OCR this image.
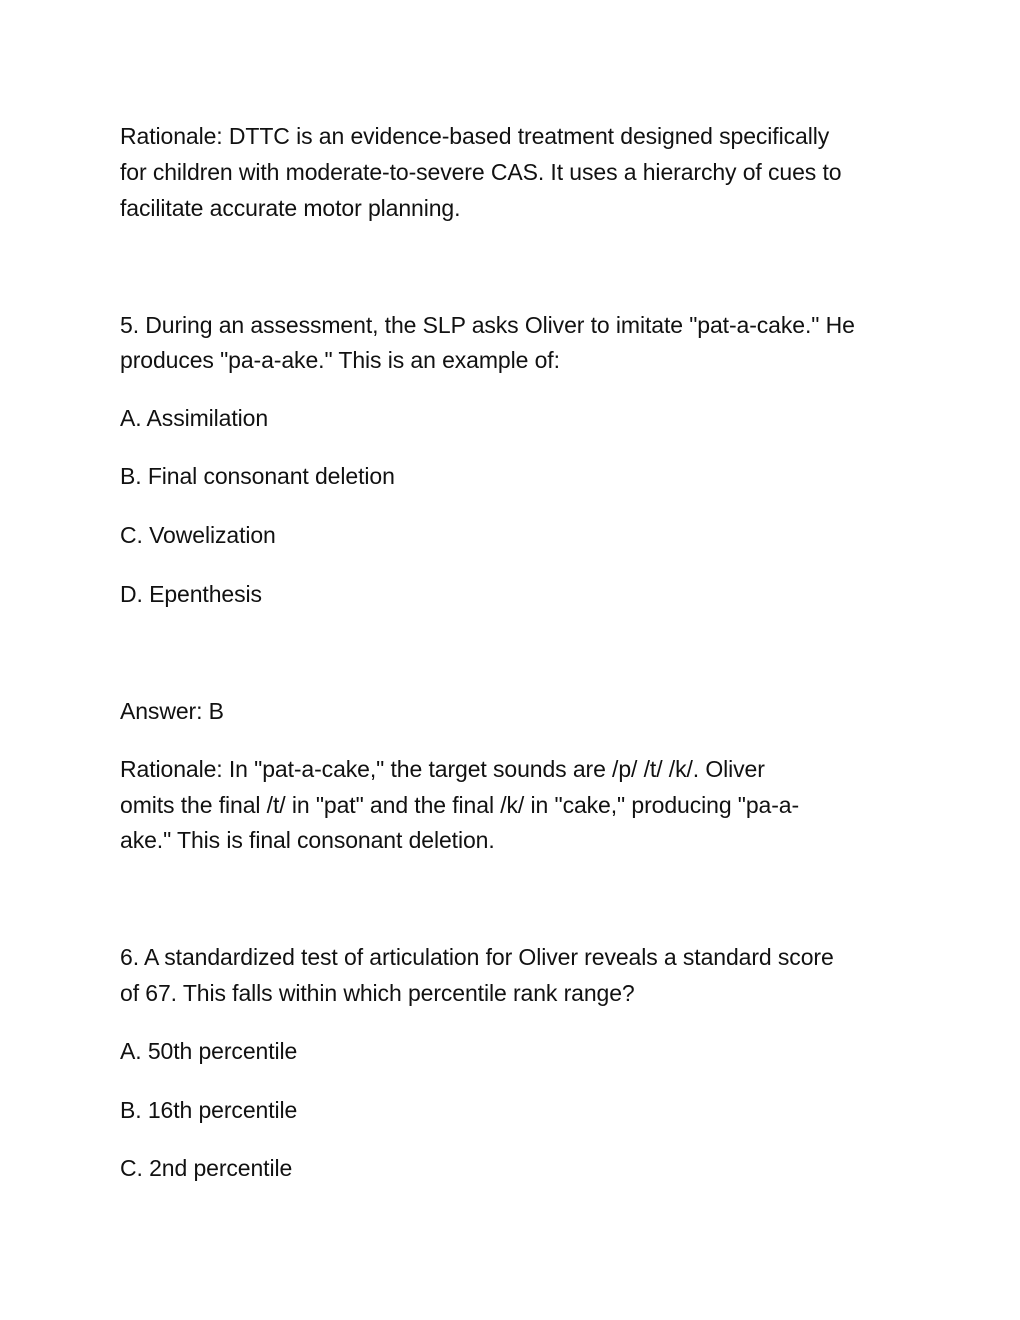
Rationale: DTTC is an evidence-based treatment designed specifically

for children with moderate-to-severe CAS. It uses a hierarchy of cues to

facilitate accurate motor planning.

5. During an assessment, the SLP asks Oliver to imitate "pat-a-cake." He

produces "pa-a-ake." This is an example of:

A. Assimilation

B. Final consonant deletion

C. Vowelization

D. Epenthesis

Answer: B

Rationale: In "pat-a-cake," the target sounds are /p/ /t/ /k/. Oliver

omits the final /t/ in "pat" and the final /k/ in "cake," producing "pa-a-

ake." This is final consonant deletion.

6. A standardized test of articulation for Oliver reveals a standard score

of 67. This falls within which percentile rank range?

A. 50th percentile

B. 16th percentile

C. 2nd percentile
